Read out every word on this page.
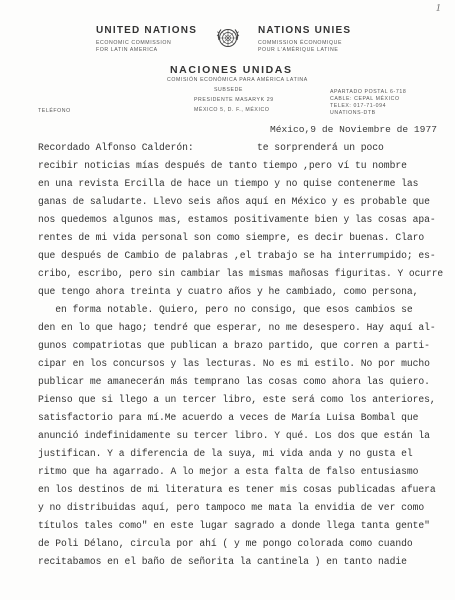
1
UNITED NATIONS	NATIONS UNIES
ECONOMIC COMMISSION
FOR LATIN AMERICA
COMMISSION ÉCONOMIQUE
POUR L'AMÉRIQUE LATINE
NACIONES UNIDAS
COMISIÓN ECONÓMICA PARA AMÉRICA LATINA
SUBSEDE
PRESIDENTE MASARYK 29
MÉXICO 5, D. F., MÉXICO
APARTADO POSTAL 6-718
CABLE: CEPAL MÉXICO
TELEX: 017-71-094
UNATIONS-DTB
TELÉFONO
México,9 de Noviembre de 1977
Recordado Alfonso Calderón:           te sorprenderá un poco
recibir noticias mías después de tanto tiempo ,pero ví tu nombre
en una revista Ercilla de hace un tiempo y no quise contenerme las
ganas de saludarte. Llevo seis años aquí en México y es probable que
nos quedemos algunos mas, estamos positivamente bien y las cosas apa-
rentes de mi vida personal son como siempre, es decir buenas. Claro
que después de Cambio de palabras ,el trabajo se ha interrumpido; es-
cribo, escribo, pero sin cambiar las mismas mañosas figuritas. Y ocurre
que tengo ahora treinta y cuatro años y he cambiado, como persona,
en forma notable. Quiero, pero no consigo, que esos cambios se
den en lo que hago; tendré que esperar, no me desespero. Hay aquí al-
gunos compatriotas que publican a brazo partido, que corren a parti-
cipar en los concursos y las lecturas. No es mi estilo. No por mucho
publicar me amanecerán más temprano las cosas como ahora las quiero.
Pienso que si llego a un tercer libro, este será como los anteriores,
satisfactorio para mí.Me acuerdo a veces de María Luisa Bombal que
anunció indefinidamente su tercer libro. Y qué. Los dos que están la
justifican. Y a diferencia de la suya, mi vida anda y no gusta el
ritmo que ha agarrado. A lo mejor a esta falta de falso entusiasmo
en los destinos de mi literatura es tener mis cosas publicadas afuera
y no distribuidas aquí, pero tampoco me mata la envidia de ver como
títulos tales como" en este lugar sagrado a donde llega tanta gente"
de Poli Délano, circula por ahí ( y me pongo colorada como cuando
recitabamos en el baño de señorita la cantinela ) en tanto nadie
